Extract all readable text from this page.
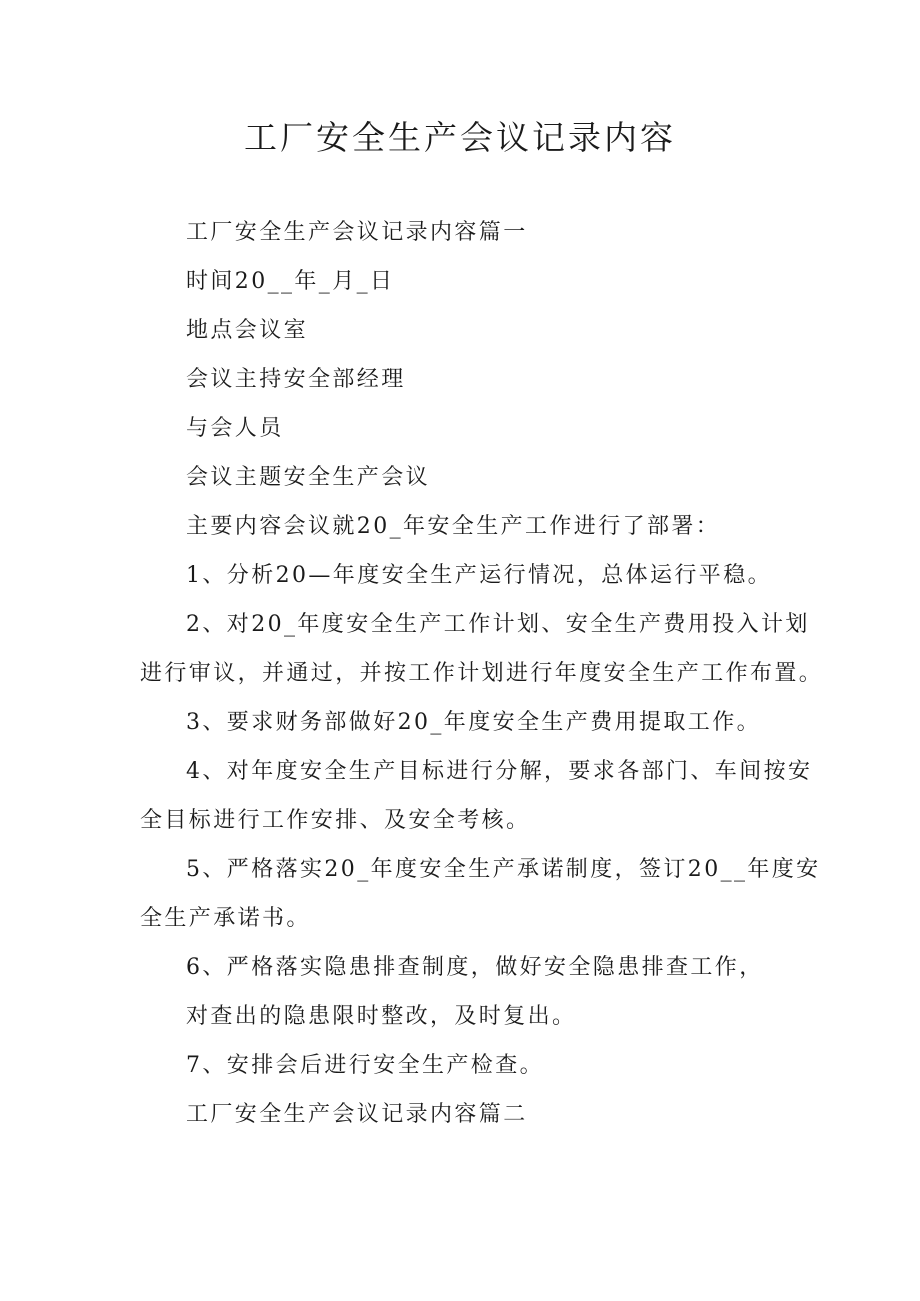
工厂安全生产会议记录内容
工厂安全生产会议记录内容篇一
时间20__年_月_日
地点会议室
会议主持安全部经理
与会人员
会议主题安全生产会议
主要内容会议就20_年安全生产工作进行了部署：
1、分析20—年度安全生产运行情况，总体运行平稳。
2、对20_年度安全生产工作计划、安全生产费用投入计划
进行审议，并通过，并按工作计划进行年度安全生产工作布置。
3、要求财务部做好20_年度安全生产费用提取工作。
4、对年度安全生产目标进行分解，要求各部门、车间按安
全目标进行工作安排、及安全考核。
5、严格落实20_年度安全生产承诺制度，签订20__年度安
全生产承诺书。
6、严格落实隐患排查制度，做好安全隐患排查工作，
对查出的隐患限时整改，及时复出。
7、安排会后进行安全生产检查。
工厂安全生产会议记录内容篇二
